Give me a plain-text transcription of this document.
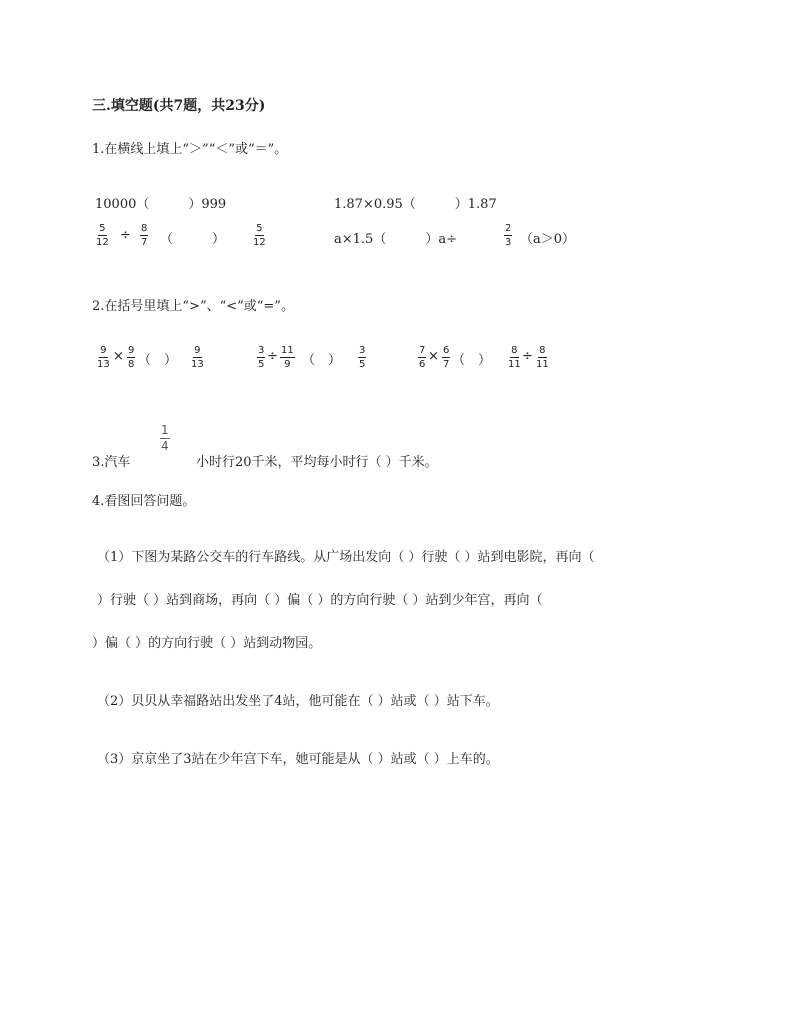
三.填空题(共7题，共23分)
1.在横线上填上“＞”“＜”或“＝”。
10000（　　　）999	1.87×0.95（　　　）1.87
$\frac{5}{12} \div \frac{8}{7}$ （　　　）	$\frac{5}{12}$	a×1.5（　　　）a÷	$\frac{2}{3} (a>0)$
2.在括号里填上“>”、“<”或“=”。
$\frac{9}{13} \times \frac{9}{8}$ （　） $\frac{9}{13}$	$\frac{3}{5} \div \frac{11}{9}$ （　） $\frac{3}{5}$	$\frac{7}{6} \times \frac{6}{7}$ （　） $\frac{8}{11} \div \frac{8}{11}$
3.汽车
$\frac{1}{4}$
小时行20千米，平均每小时行（ ）千米。
4.看图回答问题。
（1）下图为某路公交车的行车路线。从广场出发向（ ）行驶（ ）站到电影院，再向（
）行驶（ ）站到商场，再向（ ）偏（ ）的方向行驶（ ）站到少年宫，再向（
）偏（ ）的方向行驶（ ）站到动物园。
（2）贝贝从幸福路站出发坐了4站，他可能在（ ）站或（ ）站下车。
（3）京京坐了3站在少年宫下车，她可能是从（ ）站或（ ）上车的。
